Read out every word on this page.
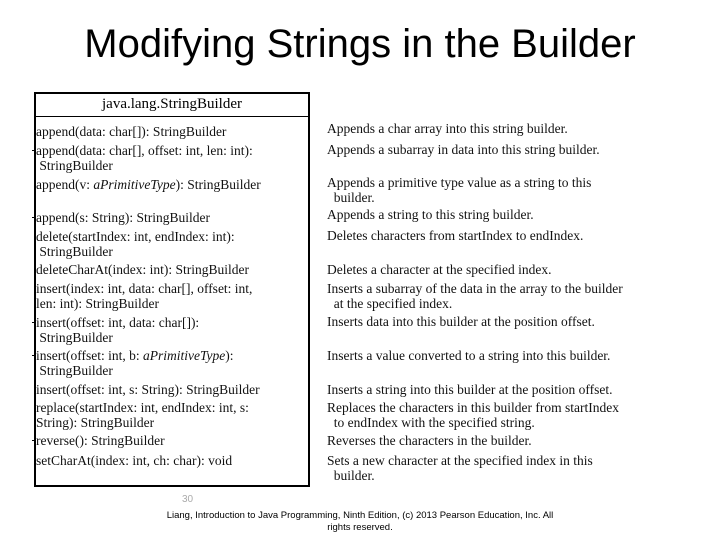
Modifying Strings in the Builder
java.lang.StringBuilder
append(data: char[]): StringBuilder
append(data: char[], offset: int, len: int):
StringBuilder
append(v: aPrimitiveType): StringBuilder
append(s: String): StringBuilder
delete(startIndex: int, endIndex: int):
StringBuilder
deleteCharAt(index: int): StringBuilder
insert(index: int, data: char[], offset: int,
len: int): StringBuilder
insert(offset: int, data: char[]):
StringBuilder
insert(offset: int, b: aPrimitiveType):
StringBuilder
insert(offset: int, s: String): StringBuilder
replace(startIndex: int, endIndex: int, s:
String): StringBuilder
reverse(): StringBuilder
setCharAt(index: int, ch: char): void
Appends a char array into this string builder.
Appends a subarray in data into this string builder.
Appends a primitive type value as a string to this
builder.
Appends a string to this string builder.
Deletes characters from startIndex to endIndex.
Deletes a character at the specified index.
Inserts a subarray of the data in the array to the builder
at the specified index.
Inserts data into this builder at the position offset.
Inserts a value converted to a string into this builder.
Inserts a string into this builder at the position offset.
Replaces the characters in this builder from startIndex
to endIndex with the specified string.
Reverses the characters in the builder.
Sets a new character at the specified index in this
builder.
30
Liang, Introduction to Java Programming, Ninth Edition, (c) 2013 Pearson Education, Inc. All
rights reserved.
